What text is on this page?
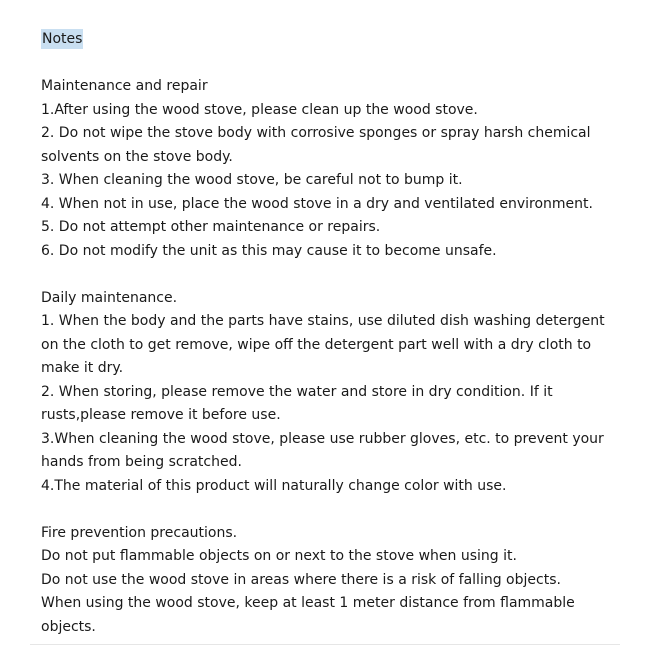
Notes
Maintenance and repair
1.After using the wood stove, please clean up the wood stove.
2. Do not wipe the stove body with corrosive sponges or spray harsh chemical
solvents on the stove body.
3. When cleaning the wood stove, be careful not to bump it.
4. When not in use, place the wood stove in a dry and ventilated environment.
5. Do not attempt other maintenance or repairs.
6. Do not modify the unit as this may cause it to become unsafe.
Daily maintenance.
1. When the body and the parts have stains, use diluted dish washing detergent
on the cloth to get remove, wipe off the detergent part well with a dry cloth to
make it dry.
2. When storing, please remove the water and store in dry condition. If it
rusts,please remove it before use.
3.When cleaning the wood stove, please use rubber gloves, etc. to prevent your
hands from being scratched.
4.The material of this product will naturally change color with use.
Fire prevention precautions.
Do not put flammable objects on or next to the stove when using it.
Do not use the wood stove in areas where there is a risk of falling objects.
When using the wood stove, keep at least 1 meter distance from flammable
objects.
